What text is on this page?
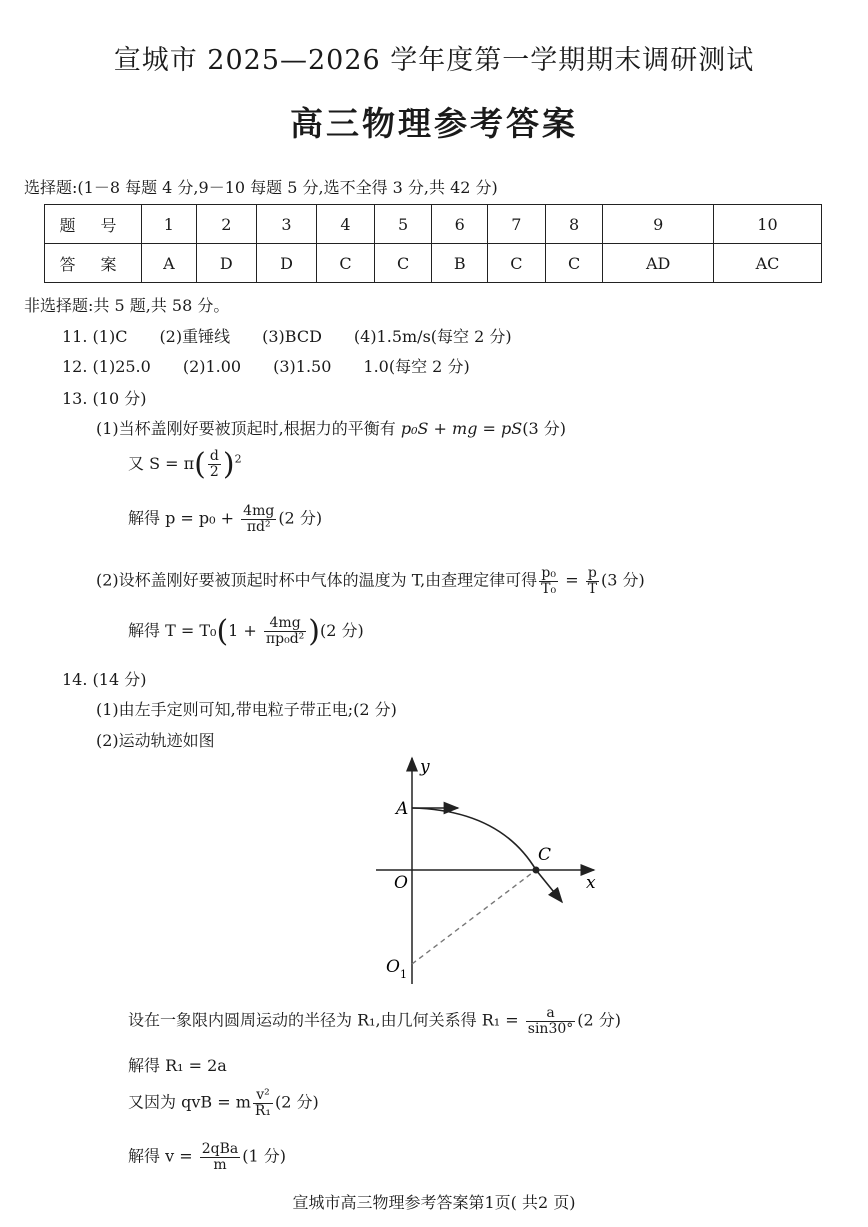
宣城市 2025—2026 学年度第一学期期末调研测试
高三物理参考答案
选择题:(1－8 每题 4 分,9－10 每题 5 分,选不全得 3 分,共 42 分)
题 号	1	2	3	4	5	6	7	8	9	10
答 案	A	D	D	C	C	B	C	C	AD	AC
非选择题:共 5 题,共 58 分。
11. (1)C　　(2)重锤线　　(3)BCD　　(4)1.5m/s(每空 2 分)
12. (1)25.0　　(2)1.00　　(3)1.50　　1.0(每空 2 分)
13. (10 分)
(1)当杯盖刚好要被顶起时,根据力的平衡有 p₀S + mg = pS(3 分)
又 $S = \pi( \frac{d}{2} )^2$
解得 $p = p_0 + \frac{4mg}{\text{πd²}} (2$ 分)
(2)设杯盖刚好要被顶起时杯中气体的温度为 T,由查理定律可得 $\frac{\text{p₀}}{\text{T₀}} = \frac{p}{T} (3$ 分)
解得 $T = T_0(1 + \frac{4mg}{\text{πp₀d²}} )(2$ 分)
14. (14 分)
(1)由左手定则可知,带电粒子带正电;(2 分)
(2)运动轨迹如图
y
x
A
O
C
O 1
设在一象限内圆周运动的半径为 R₁,由几何关系得 $R_1 = \frac{a}{\sin 30^\circ} (2$ 分)
解得 R₁ = 2a
又因为 qvB = m $\frac{\text{v²}}{\text{R₁}} (2$ 分)
解得 $v = \frac{\text{2qBa}}{m} (1$ 分)
宣城市高三物理参考答案第1页( 共2 页)
